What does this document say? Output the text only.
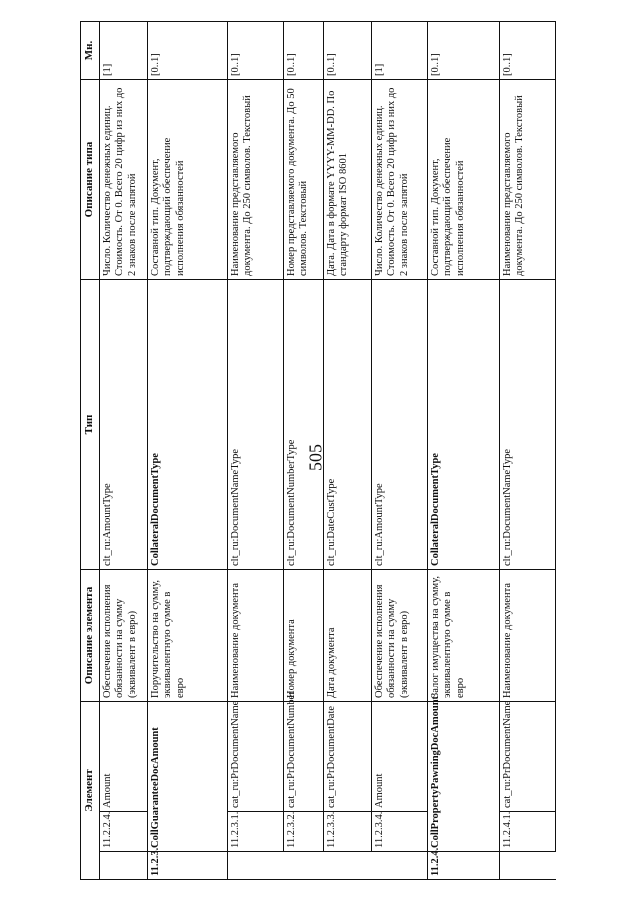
505
Элемент			Описание элемента	Тип	Описание типа	Мн.
	11.2.2.4.	Amount	Обеспечение исполнения обязанности на сумму (эквивалент в евро)	clt_ru:AmountType	Число. Количество денежных единиц. Стоимость. От 0. Всего 20 цифр из них до 2 знаков после запятой	[1]
11.2.3.	CollGuaranteeDocAmount		Поручительство на сумму, эквивалентную сумме в евро	CollateralDocumentType	Составной тип. Документ, подтверждающий обеспечение исполнения обязанностей	[0..1]
	11.2.3.1.	cat_ru:PrDocumentName	Наименование документа	clt_ru:DocumentNameType	Наименование представляемого документа. До 250 символов. Текстовый	[0..1]
	11.2.3.2.	cat_ru:PrDocumentNumber	Номер документа	clt_ru:DocumentNumberType	Номер представляемого документа. До 50 символов. Текстовый	[0..1]
	11.2.3.3.	cat_ru:PrDocumentDate	Дата документа	clt_ru:DateCustType	Дата. Дата в формате YYYY-MM-DD. По стандарту формат ISO 8601	[0..1]
	11.2.3.4.	Amount	Обеспечение исполнения обязанности на сумму (эквивалент в евро)	clt_ru:AmountType	Число. Количество денежных единиц. Стоимость. От 0. Всего 20 цифр из них до 2 знаков после запятой	[1]
11.2.4.	CollPropertyPawningDocAmount		Залог имущества на сумму, эквивалентную сумме в евро	CollateralDocumentType	Составной тип. Документ, подтверждающий обеспечение исполнения обязанностей	[0..1]
	11.2.4.1.	cat_ru:PrDocumentName	Наименование документа	clt_ru:DocumentNameType	Наименование представляемого документа. До 250 символов. Текстовый	[0..1]
